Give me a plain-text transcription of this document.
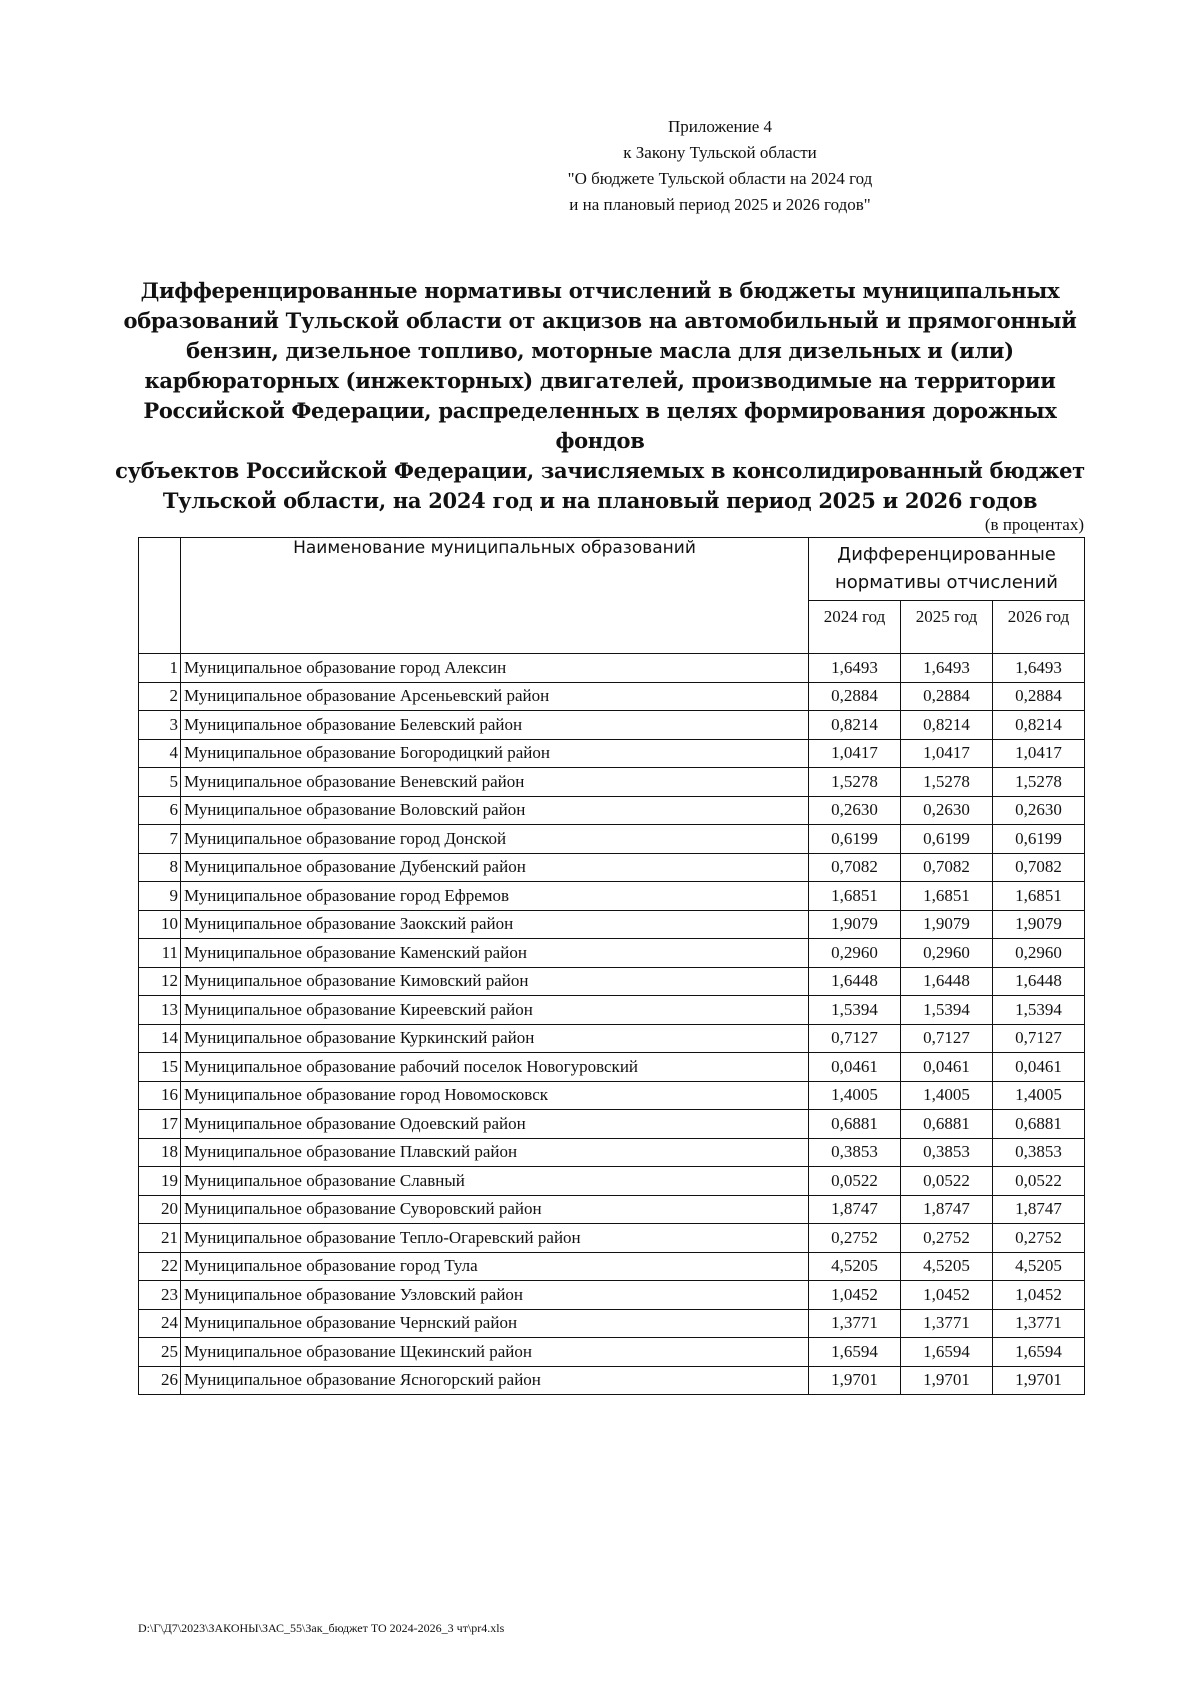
Приложение 4
к Закону Тульской области
"О бюджете Тульской области на 2024 год
и на плановый период 2025 и 2026 годов"
Дифференцированные нормативы отчислений в бюджеты муниципальных
образований Тульской области от акцизов на автомобильный и прямогонный
бензин, дизельное топливо, моторные масла для дизельных и (или)
карбюраторных (инжекторных) двигателей, производимые на территории
Российской Федерации, распределенных в целях формирования дорожных фондов
субъектов Российской Федерации, зачисляемых в консолидированный бюджет
Тульской области, на 2024 год и на плановый период 2025 и 2026 годов
(в процентах)
	Наименование муниципальных образований	Дифференцированные
нормативы отчислений		

		2024 год	2025 год	2026 год
1	Муниципальное образование город Алексин	1,6493	1,6493	1,6493
2	Муниципальное образование Арсеньевский район	0,2884	0,2884	0,2884
3	Муниципальное образование Белевский район	0,8214	0,8214	0,8214
4	Муниципальное образование Богородицкий район	1,0417	1,0417	1,0417
5	Муниципальное образование Веневский район	1,5278	1,5278	1,5278
6	Муниципальное образование Воловский район	0,2630	0,2630	0,2630
7	Муниципальное образование город Донской	0,6199	0,6199	0,6199
8	Муниципальное образование Дубенский район	0,7082	0,7082	0,7082
9	Муниципальное образование город Ефремов	1,6851	1,6851	1,6851
10	Муниципальное образование Заокский район	1,9079	1,9079	1,9079
11	Муниципальное образование Каменский район	0,2960	0,2960	0,2960
12	Муниципальное образование Кимовский район	1,6448	1,6448	1,6448
13	Муниципальное образование Киреевский район	1,5394	1,5394	1,5394
14	Муниципальное образование Куркинский район	0,7127	0,7127	0,7127
15	Муниципальное образование рабочий поселок Новогуровский	0,0461	0,0461	0,0461
16	Муниципальное образование город Новомосковск	1,4005	1,4005	1,4005
17	Муниципальное образование Одоевский район	0,6881	0,6881	0,6881
18	Муниципальное образование Плавский район	0,3853	0,3853	0,3853
19	Муниципальное образование Славный	0,0522	0,0522	0,0522
20	Муниципальное образование Суворовский район	1,8747	1,8747	1,8747
21	Муниципальное образование Тепло-Огаревский район	0,2752	0,2752	0,2752
22	Муниципальное образование город Тула	4,5205	4,5205	4,5205
23	Муниципальное образование Узловский район	1,0452	1,0452	1,0452
24	Муниципальное образование Чернский район	1,3771	1,3771	1,3771
25	Муниципальное образование Щекинский район	1,6594	1,6594	1,6594
26	Муниципальное образование Ясногорский район	1,9701	1,9701	1,9701
D:\Г\Д7\2023\ЗАКОНЫ\ЗАС_55\Зак_бюджет ТО 2024-2026_3 чт\pr4.xls
